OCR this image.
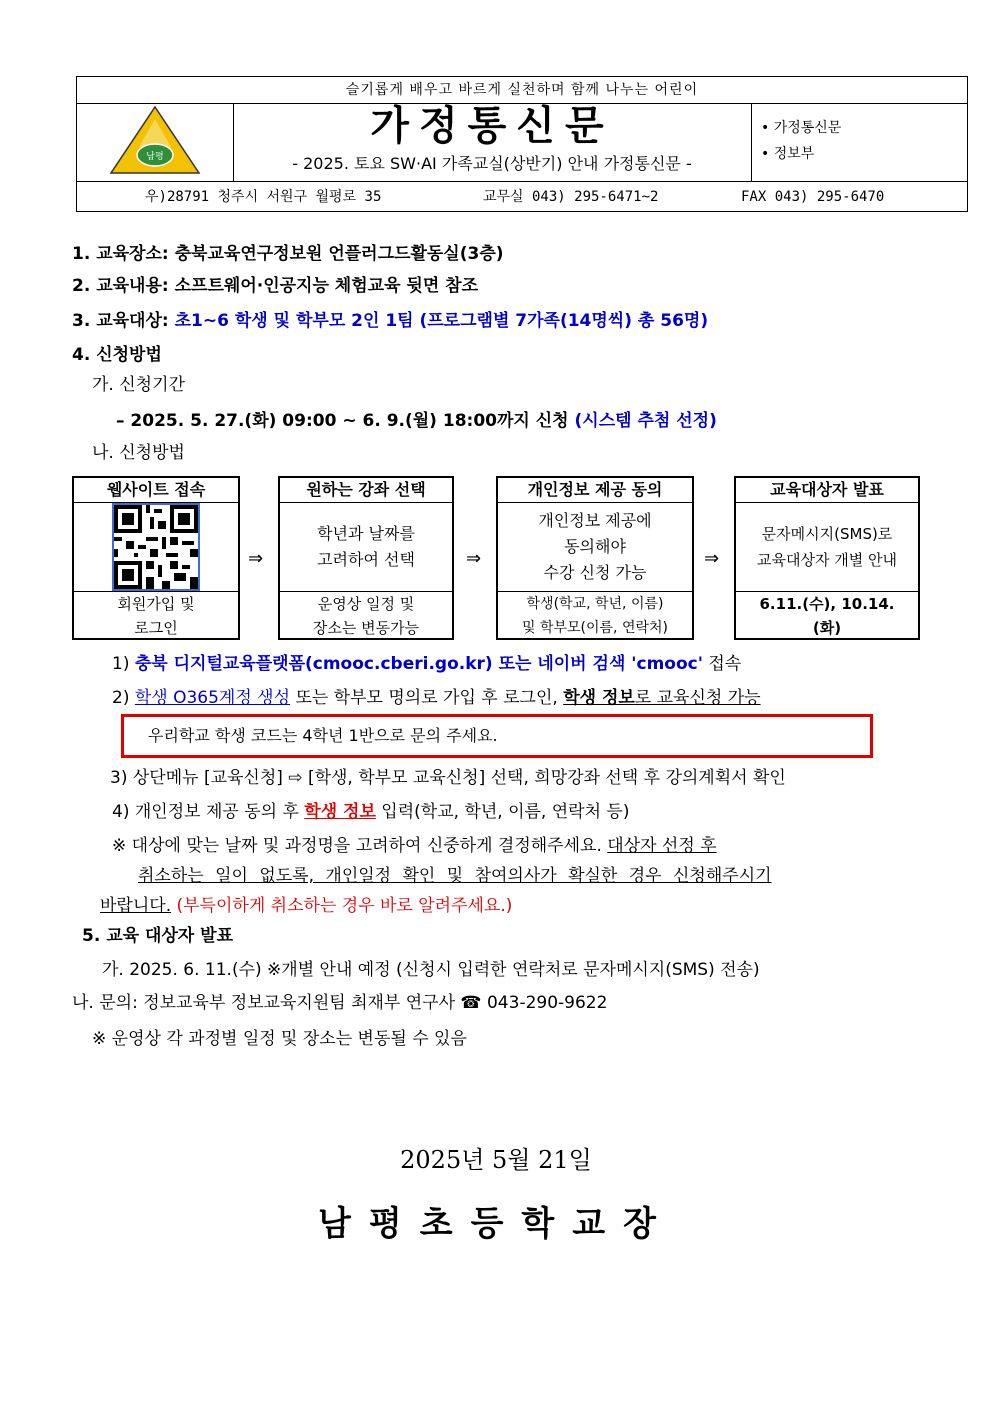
슬기롭게 배우고 바르게 실천하며 함께 나누는 어린이
남평
가정통신문
- 2025. 토요 SW·AI 가족교실(상반기) 안내 가정통신문 -
• 가정통신문
• 정보부
우)28791 청주시 서원구 월평로 35	교무실 043) 295-6471~2	FAX 043) 295-6470
1. 교육장소: 충북교육연구정보원 언플러그드활동실(3층)
2. 교육내용: 소프트웨어·인공지능 체험교육 뒷면 참조
3. 교육대상: 초1~6 학생 및 학부모 2인 1팀 (프로그램별 7가족(14명씩) 총 56명)
4. 신청방법
가. 신청기간
– 2025. 5. 27.(화) 09:00 ~ 6. 9.(월) 18:00까지 신청 (시스템 추첨 선정)
나. 신청방법
웹사이트 접속
회원가입 및
로그인
⇒
원하는 강좌 선택
학년과 날짜를
고려하여 선택
운영상 일정 및
장소는 변동가능
⇒
개인정보 제공 동의
개인정보 제공에
동의해야
수강 신청 가능
학생(학교, 학년, 이름)
및 학부모(이름, 연락처)
⇒
교육대상자 발표
문자메시지(SMS)로
교육대상자 개별 안내
6.11.(수), 10.14.
(화)
1) 충북 디지털교육플랫폼(cmooc.cberi.go.kr) 또는 네이버 검색 'cmooc' 접속
2) 학생 O365계정 생성 또는 학부모 명의로 가입 후 로그인, 학생 정보로 교육신청 가능
우리학교 학생 코드는 4학년 1반으로 문의 주세요.
3) 상단메뉴 [교육신청] ⇨ [학생, 학부모 교육신청] 선택, 희망강좌 선택 후 강의계획서 확인
4) 개인정보 제공 동의 후 학생 정보 입력(학교, 학년, 이름, 연락처 등)
※ 대상에 맞는 날짜 및 과정명을 고려하여 신중하게 결정해주세요. 대상자 선정 후
취소하는 일이 없도록, 개인일정 확인 및 참여의사가 확실한 경우 신청해주시기
바랍니다. (부득이하게 취소하는 경우 바로 알려주세요.)
5. 교육 대상자 발표
가. 2025. 6. 11.(수) ※개별 안내 예정 (신청시 입력한 연락처로 문자메시지(SMS) 전송)
나. 문의: 정보교육부 정보교육지원팀 최재부 연구사 ☎ 043-290-9622
※ 운영상 각 과정별 일정 및 장소는 변동될 수 있음
2025년 5월 21일
남평초등학교장
